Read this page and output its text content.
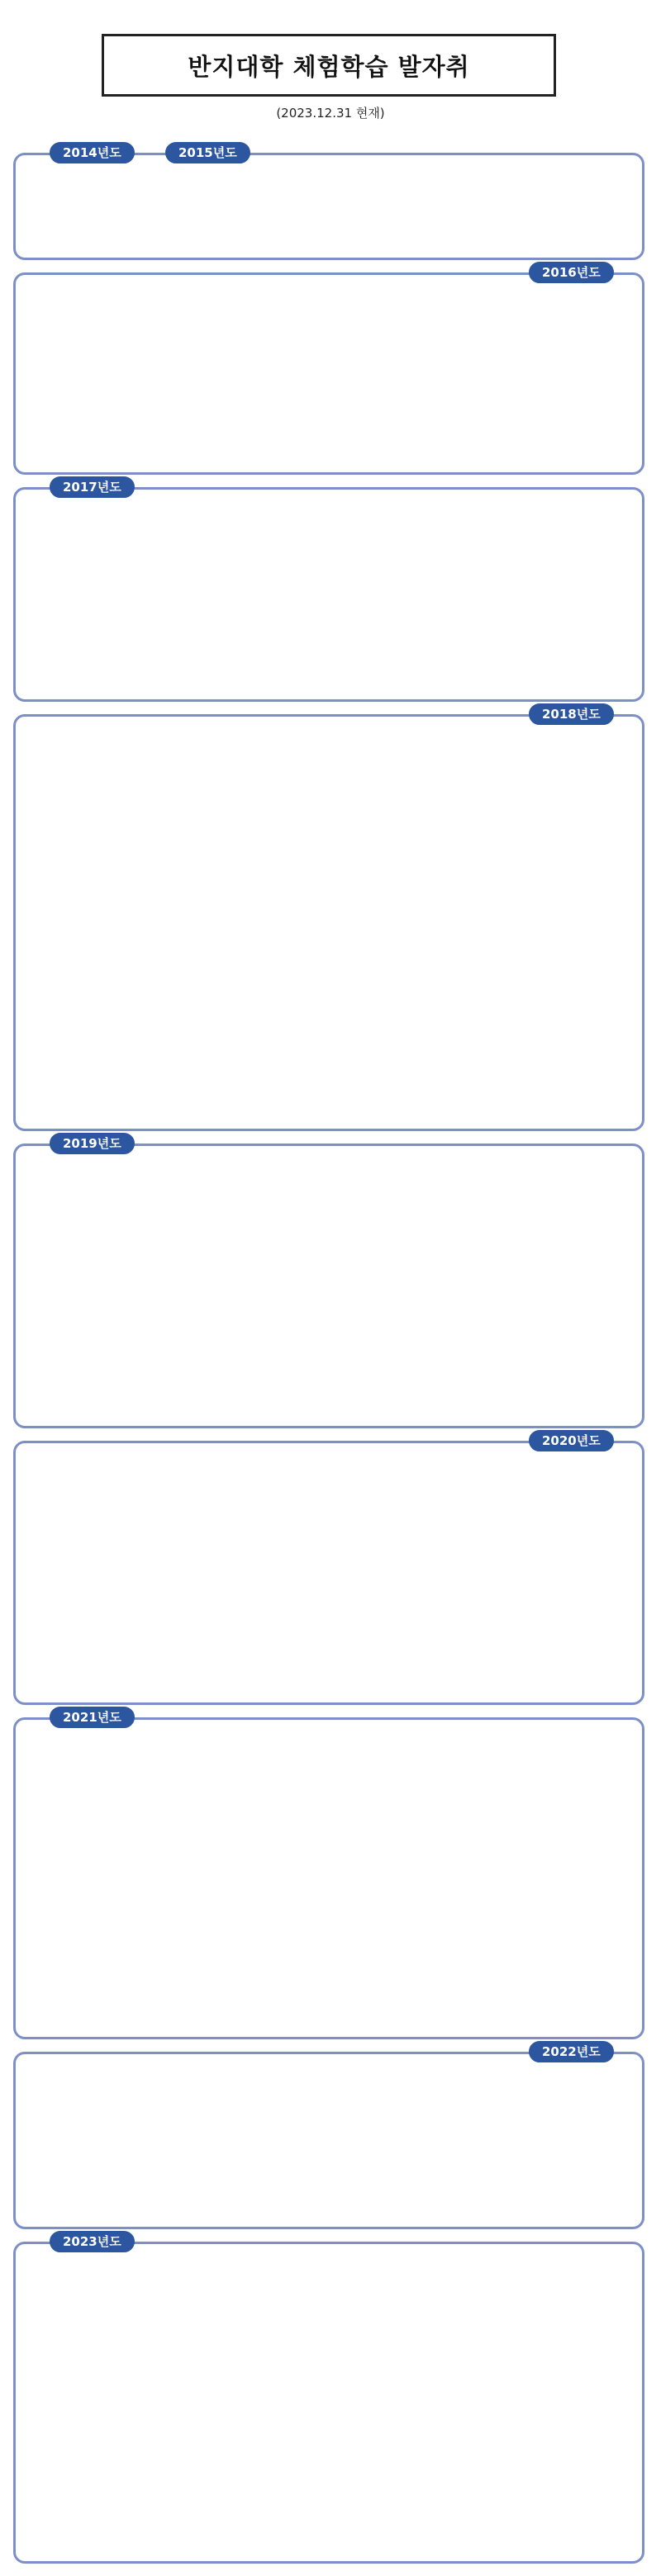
반지대학 체험학습 발자취
(2023.12.31 현재)
2014년도	2015년도
2016년도
2017년도
2018년도
2019년도
2020년도
2021년도
2022년도
2023년도
